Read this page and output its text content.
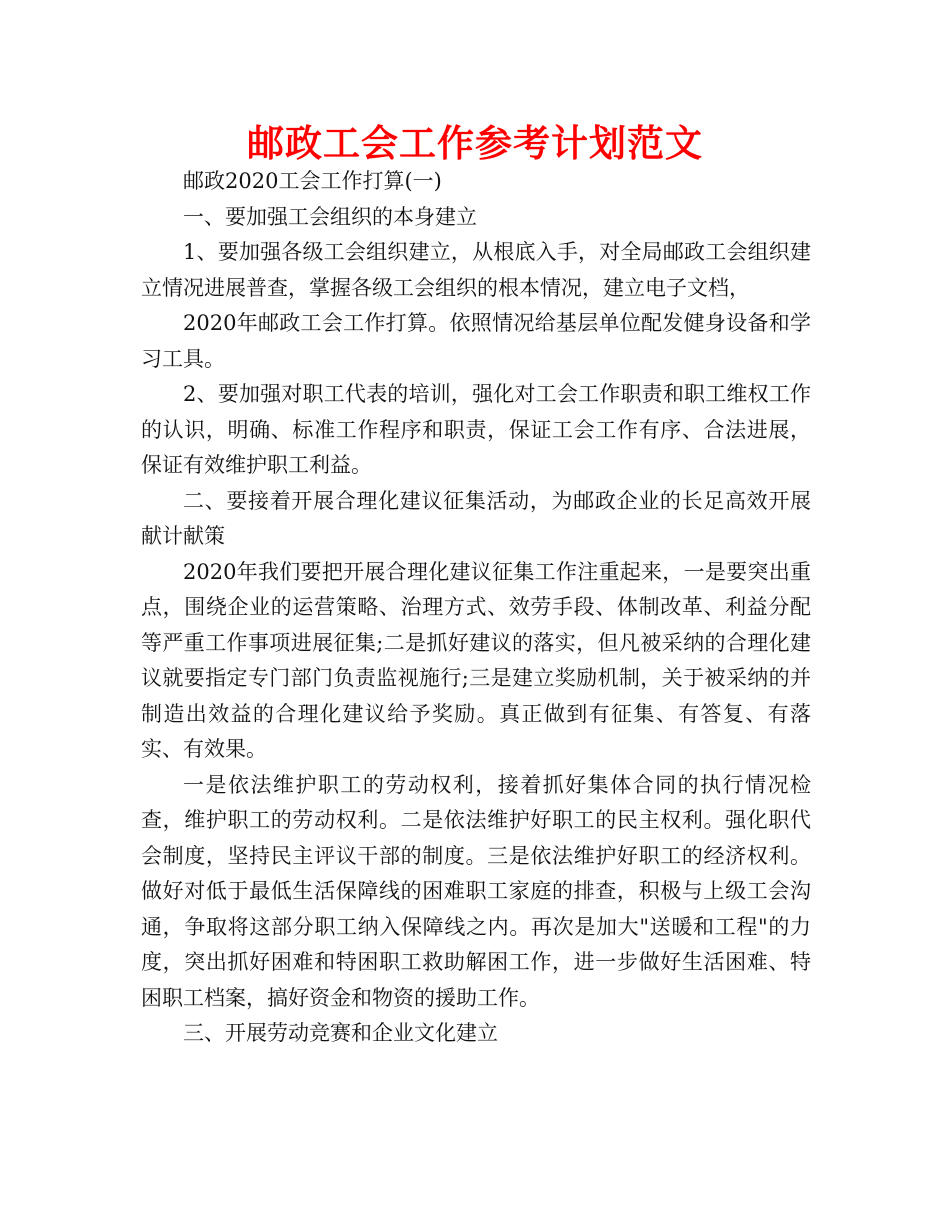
邮政工会工作参考计划范文

邮政2020工会工作打算(一)

一、要加强工会组织的本身建立

1、要加强各级工会组织建立，从根底入手，对全局邮政工会组织建立情况进展普查，掌握各级工会组织的根本情况，建立电子文档，

2020年邮政工会工作打算。依照情况给基层单位配发健身设备和学习工具。

2、要加强对职工代表的培训，强化对工会工作职责和职工维权工作的认识，明确、标准工作程序和职责，保证工会工作有序、合法进展，保证有效维护职工利益。

二、要接着开展合理化建议征集活动，为邮政企业的长足高效开展献计献策

2020年我们要把开展合理化建议征集工作注重起来，一是要突出重点，围绕企业的运营策略、治理方式、效劳手段、体制改革、利益分配等严重工作事项进展征集;二是抓好建议的落实，但凡被采纳的合理化建议就要指定专门部门负责监视施行;三是建立奖励机制，关于被采纳的并制造出效益的合理化建议给予奖励。真正做到有征集、有答复、有落实、有效果。

一是依法维护职工的劳动权利，接着抓好集体合同的执行情况检查，维护职工的劳动权利。二是依法维护好职工的民主权利。强化职代会制度，坚持民主评议干部的制度。三是依法维护好职工的经济权利。做好对低于最低生活保障线的困难职工家庭的排查，积极与上级工会沟通，争取将这部分职工纳入保障线之内。再次是加大"送暖和工程"的力度，突出抓好困难和特困职工救助解困工作，进一步做好生活困难、特困职工档案，搞好资金和物资的援助工作。

三、开展劳动竞赛和企业文化建立
